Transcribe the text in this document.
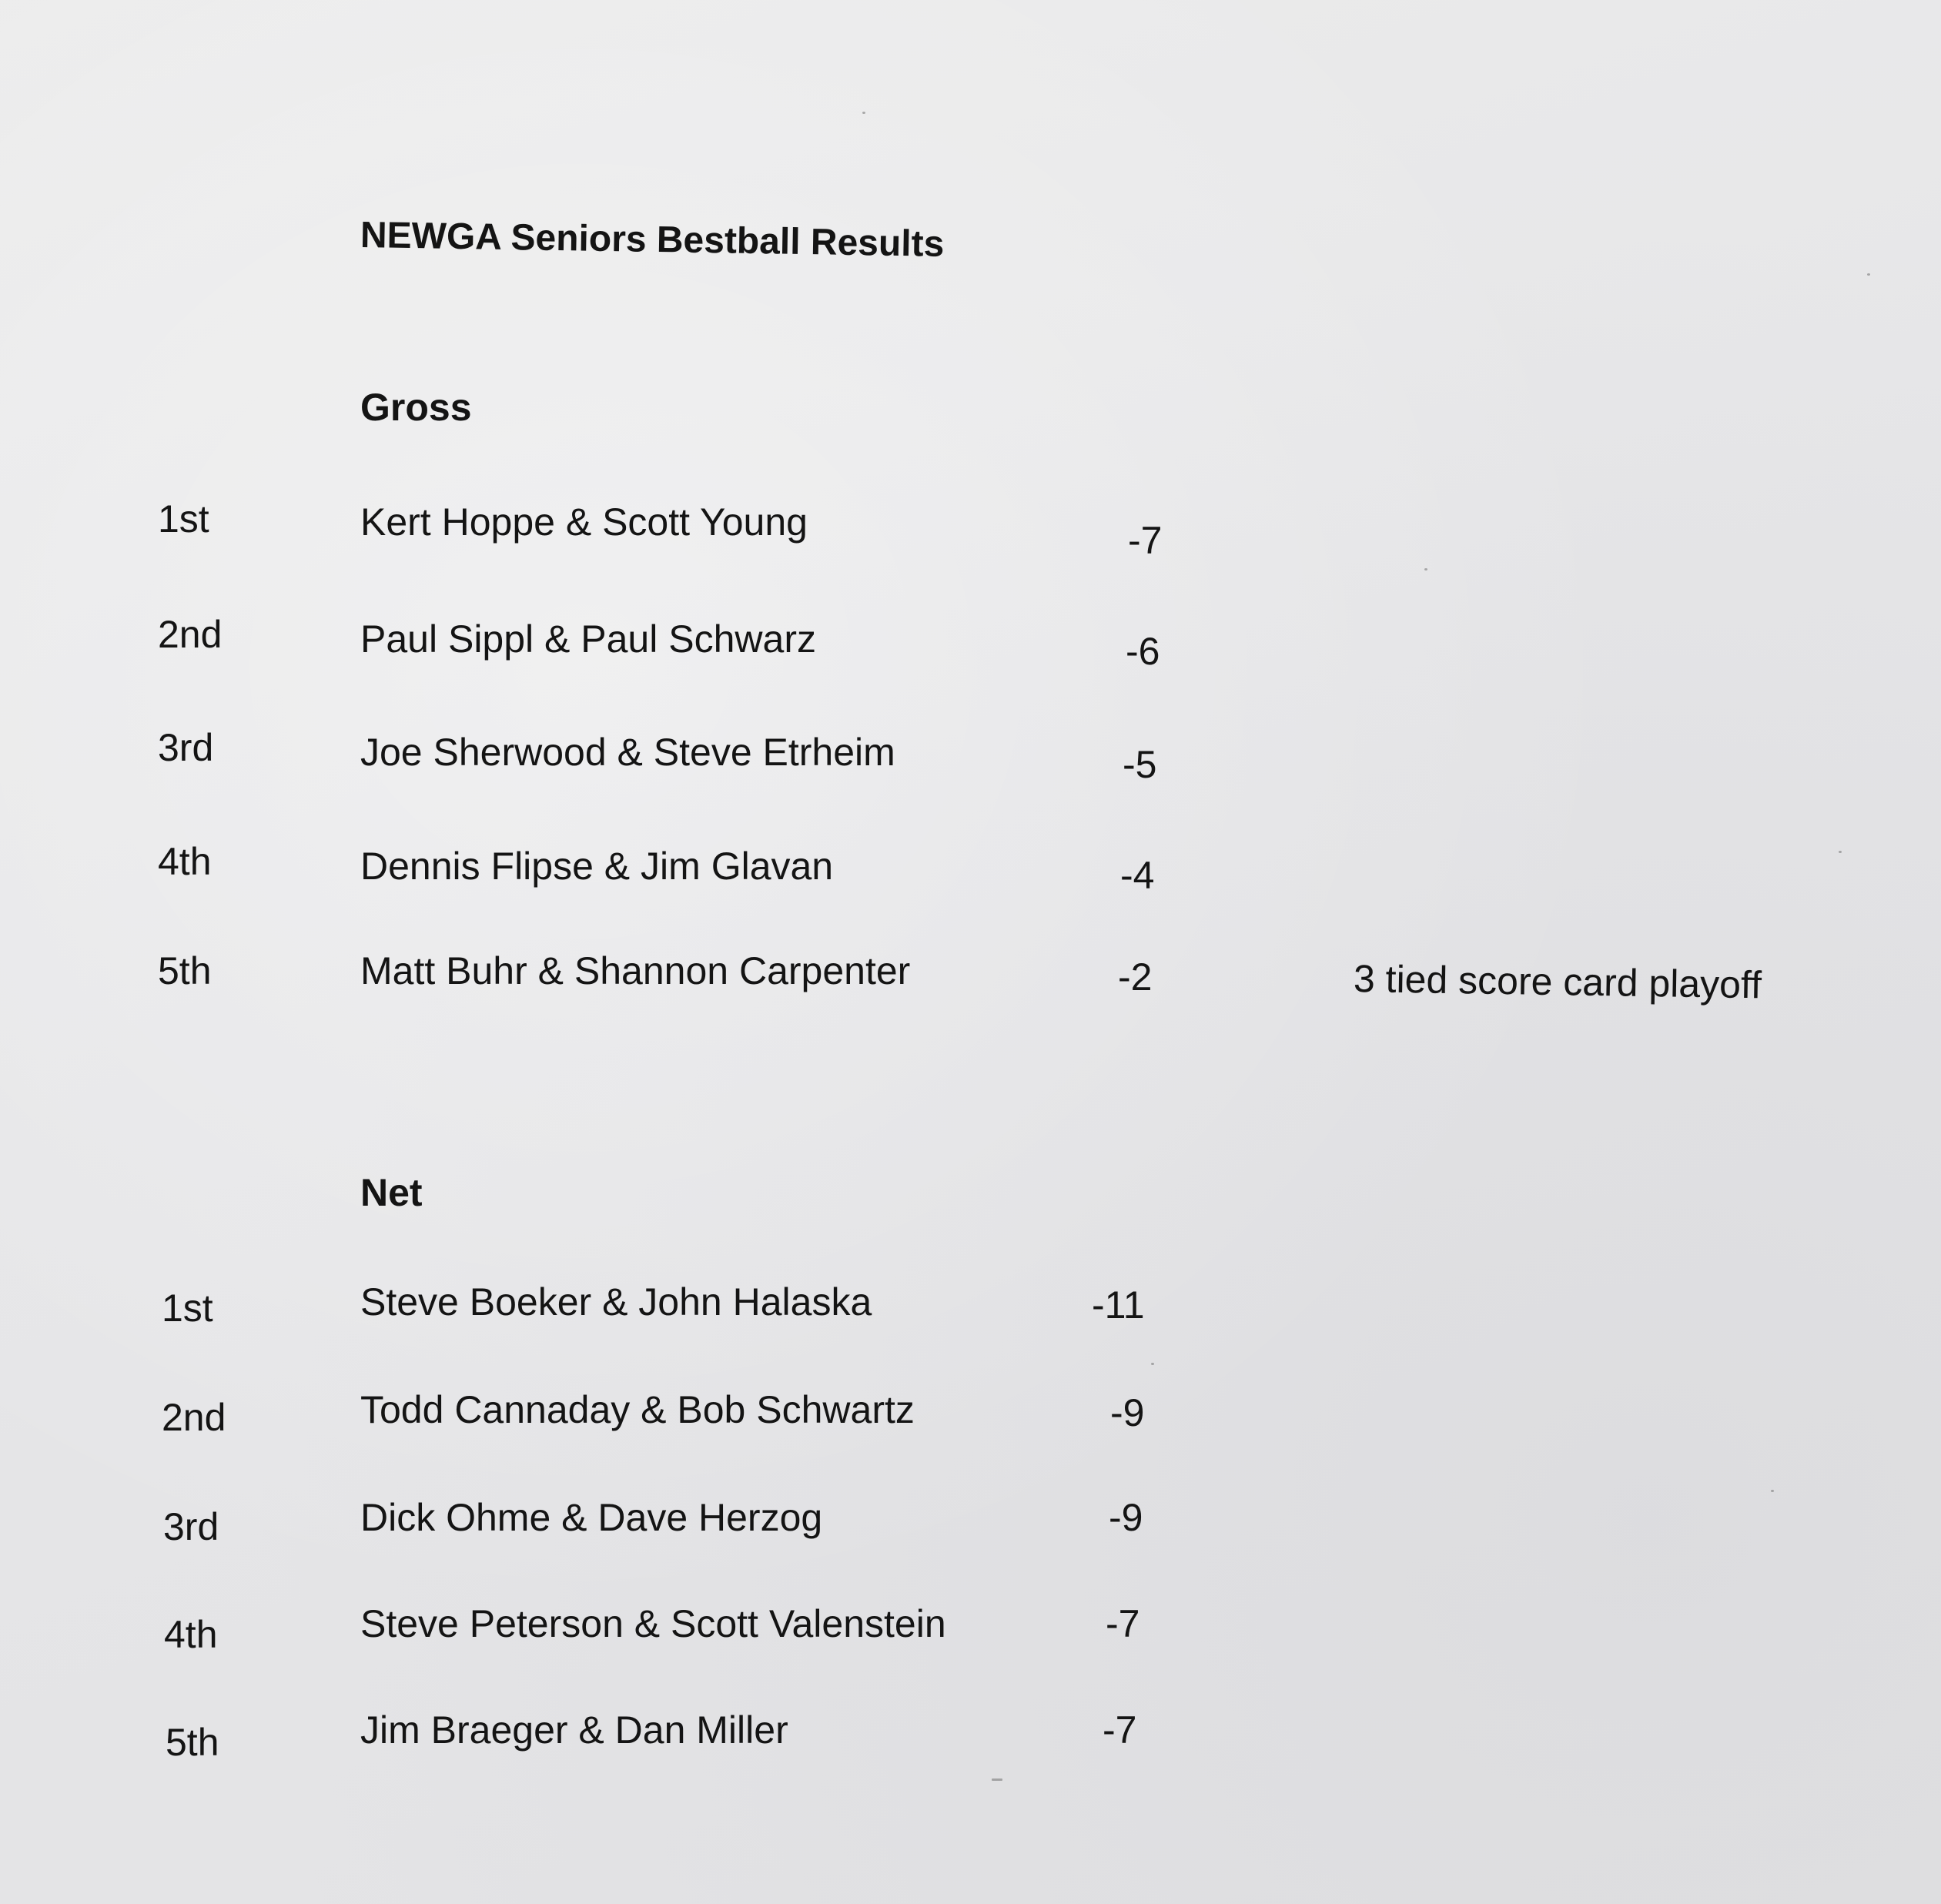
NEWGA Seniors Bestball Results
Gross
1st	Kert Hoppe & Scott Young	-7
2nd	Paul Sippl & Paul Schwarz	-6
3rd	Joe Sherwood & Steve Etrheim	-5
4th	Dennis Flipse & Jim Glavan	-4
5th	Matt Buhr & Shannon Carpenter	-2	3 tied score card playoff
Net
1st	Steve Boeker & John Halaska	-11
2nd	Todd Cannaday & Bob Schwartz	-9
3rd	Dick Ohme & Dave Herzog	-9
4th	Steve Peterson & Scott Valenstein	-7
5th	Jim Braeger & Dan Miller	-7
